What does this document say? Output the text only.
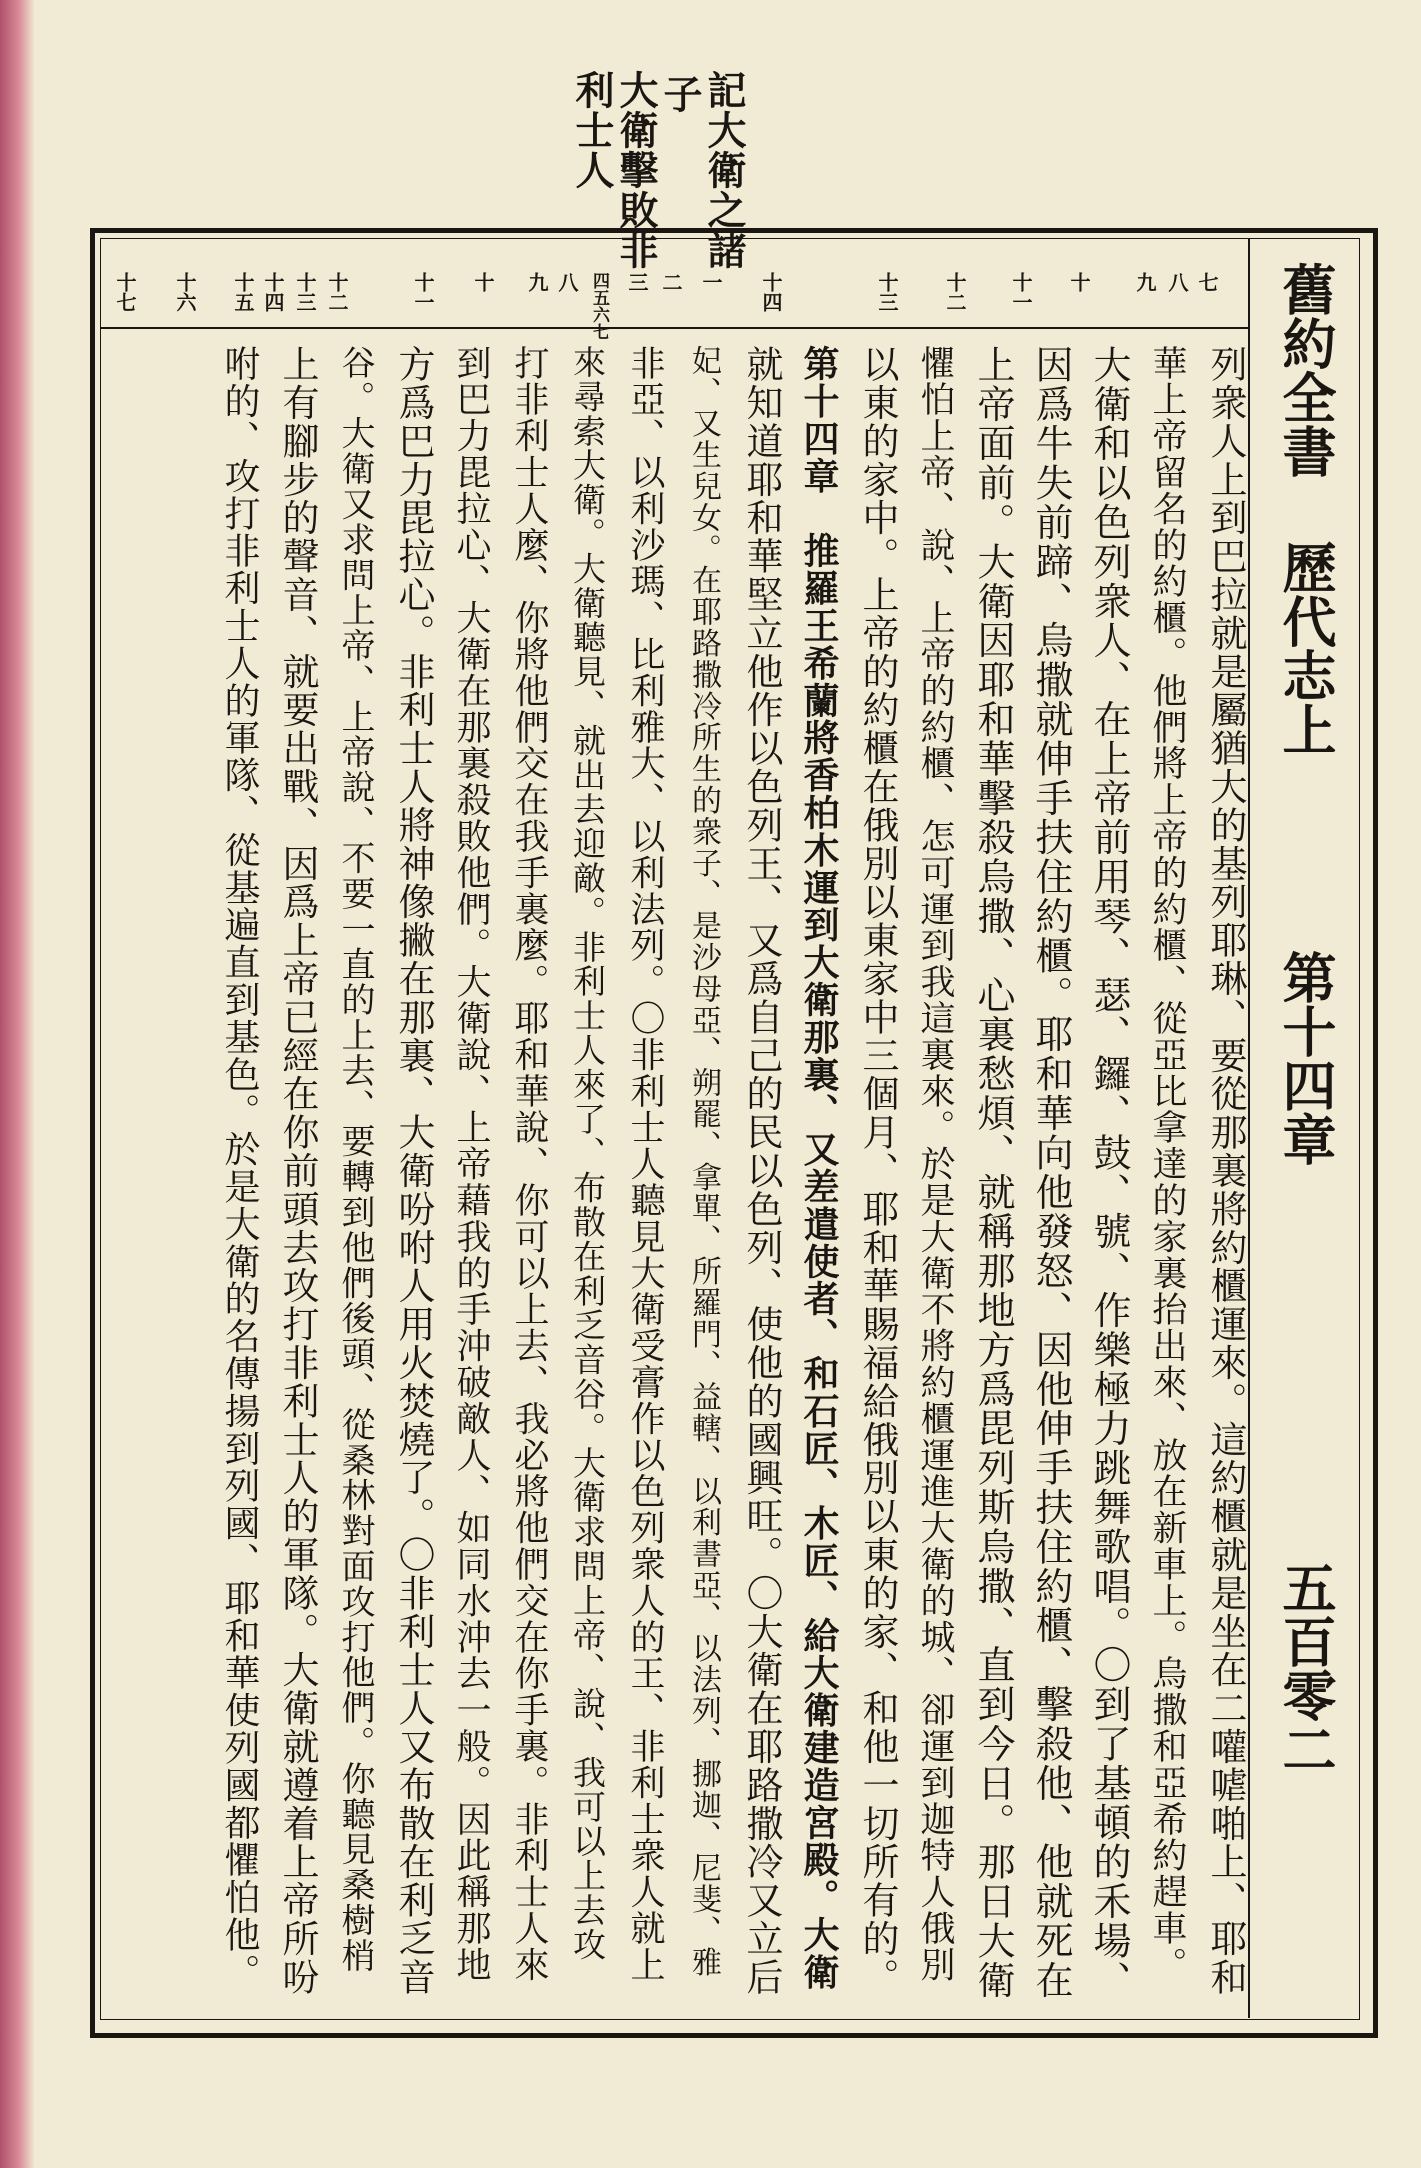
記大衛之諸
子
大衛擊敗非
利士人
舊約全書
歷代志上
第十四章
五百零二
七
八
九
十
十一
十二
十三
十四
一
二
三
四五六七
八
九
十
十一
十二
十三
十四
十五
十六
十七
列衆人上到巴拉就是屬猶大的基列耶琳、要從那裏將約櫃運來。這約櫃就是坐在二嚾㖸啪上、耶和
華上帝留名的約櫃。他們將上帝的約櫃、從亞比拿達的家裏抬出來、放在新車上。烏撒和亞希約趕車。
大衛和以色列衆人、在上帝前用琴、瑟、鑼、鼓、號、作樂極力跳舞歌唱。〇到了基頓的禾場、
因爲牛失前蹄、烏撒就伸手扶住約櫃。耶和華向他發怒、因他伸手扶住約櫃、擊殺他、他就死在
上帝面前。大衛因耶和華擊殺烏撒、心裏愁煩、就稱那地方爲毘列斯烏撒、直到今日。那日大衛
懼怕上帝、說、上帝的約櫃、怎可運到我這裏來。於是大衛不將約櫃運進大衛的城、卻運到迦特人俄別
以東的家中。上帝的約櫃在俄別以東家中三個月、耶和華賜福給俄別以東的家、和他一切所有的。
第十四章　推羅王希蘭將香柏木運到大衛那裏、又差遣使者、和石匠、木匠、給大衛建造宮殿。大衛
就知道耶和華堅立他作以色列王、又爲自己的民以色列、使他的國興旺。〇大衛在耶路撒冷又立后
妃、又生兒女。在耶路撒冷所生的衆子、是沙母亞、朔罷、拿單、所羅門、益轄、以利書亞、以法列、挪迦、尼斐、雅
非亞、以利沙瑪、比利雅大、以利法列。〇非利士人聽見大衛受膏作以色列衆人的王、非利士衆人就上
來尋索大衛。大衛聽見、就出去迎敵。非利士人來了、布散在利乏音谷。大衛求問上帝、說、我可以上去攻
打非利士人麼、你將他們交在我手裏麼。耶和華說、你可以上去、我必將他們交在你手裏。非利士人來
到巴力毘拉心、大衛在那裏殺敗他們。大衛說、上帝藉我的手沖破敵人、如同水沖去一般。因此稱那地
方爲巴力毘拉心。非利士人將神像撇在那裏、大衛吩咐人用火焚燒了。〇非利士人又布散在利乏音
谷。大衛又求問上帝、上帝說、不要一直的上去、要轉到他們後頭、從桑林對面攻打他們。你聽見桑樹梢
上有腳步的聲音、就要出戰、因爲上帝已經在你前頭去攻打非利士人的軍隊。大衛就遵着上帝所吩
咐的、攻打非利士人的軍隊、從基遍直到基色。於是大衛的名傳揚到列國、耶和華使列國都懼怕他。
